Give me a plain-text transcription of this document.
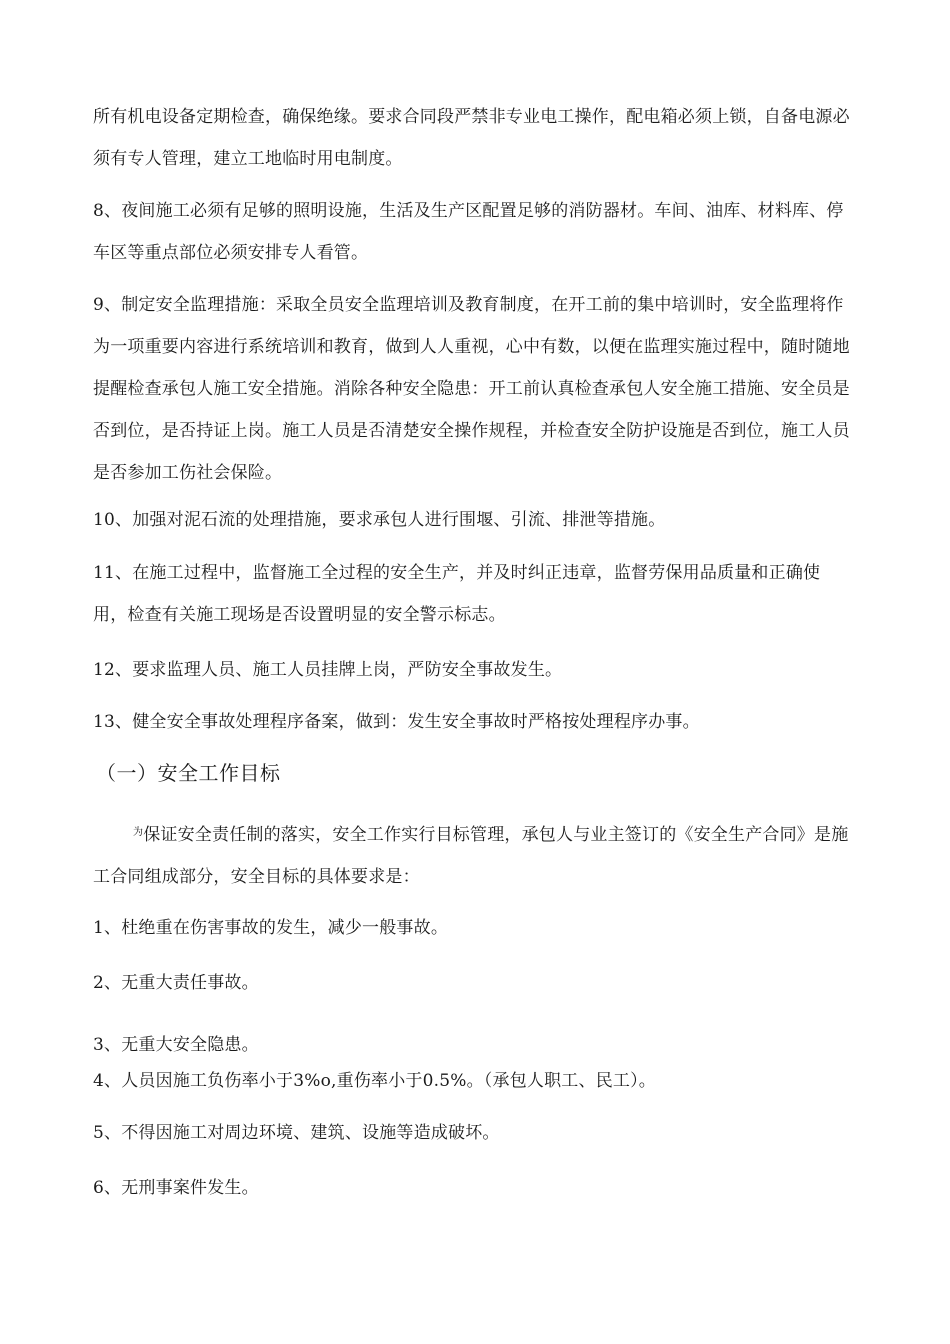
所有机电设备定期检查，确保绝缘。要求合同段严禁非专业电工操作，配电箱必须上锁，自备电源必须有专人管理，建立工地临时用电制度。

8、夜间施工必须有足够的照明设施，生活及生产区配置足够的消防器材。车间、油库、材料库、停车区等重点部位必须安排专人看管。

9、制定安全监理措施：采取全员安全监理培训及教育制度，在开工前的集中培训时，安全监理将作为一项重要内容进行系统培训和教育，做到人人重视，心中有数，以便在监理实施过程中，随时随地提醒检查承包人施工安全措施。消除各种安全隐患：开工前认真检查承包人安全施工措施、安全员是否到位，是否持证上岗。施工人员是否清楚安全操作规程，并检查安全防护设施是否到位，施工人员是否参加工伤社会保险。

10、加强对泥石流的处理措施，要求承包人进行围堰、引流、排泄等措施。

11、在施工过程中，监督施工全过程的安全生产，并及时纠正违章，监督劳保用品质量和正确使用，检查有关施工现场是否设置明显的安全警示标志。

12、要求监理人员、施工人员挂牌上岗，严防安全事故发生。

13、健全安全事故处理程序备案，做到：发生安全事故时严格按处理程序办事。

（一）安全工作目标

$^为$保证安全责任制的落实，安全工作实行目标管理，承包人与业主签订的《安全生产合同》是施工合同组成部分，安全目标的具体要求是：

1、杜绝重在伤害事故的发生，减少一般事故。

2、无重大责任事故。

3、无重大安全隐患。

4、人员因施工负伤率小于3%o,重伤率小于0.5%。（承包人职工、民工）。

5、不得因施工对周边环境、建筑、设施等造成破坏。

6、无刑事案件发生。
